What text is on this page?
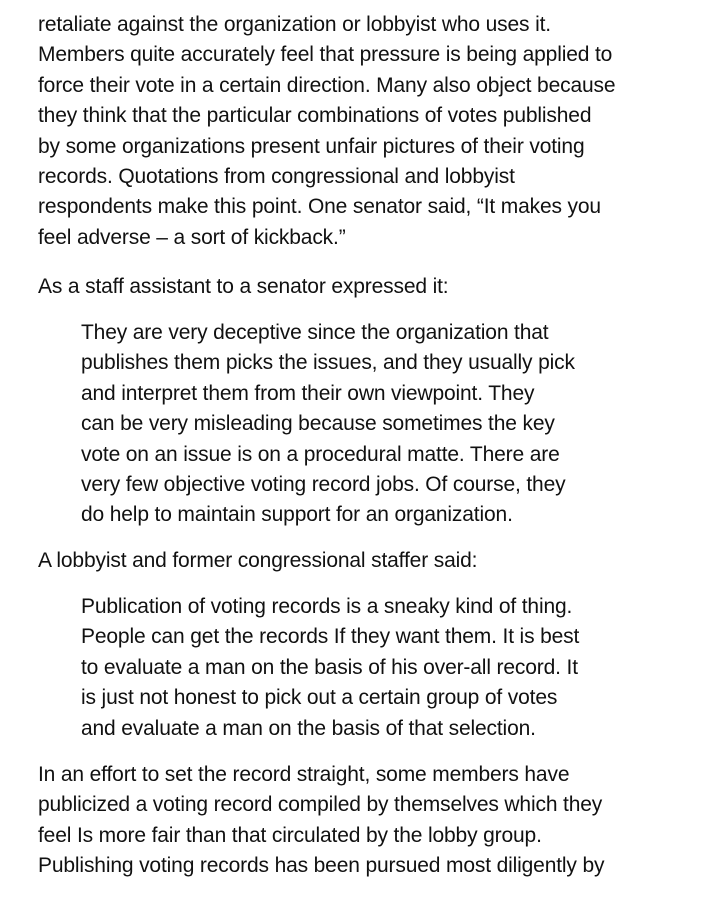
retaliate against the organization or lobbyist who uses it.
Members quite accurately feel that pressure is being applied to
force their vote in a certain direction. Many also object because
they think that the particular combinations of votes published
by some organizations present unfair pictures of their voting
records. Quotations from congressional and lobbyist
respondents make this point. One senator said, “It makes you
feel adverse – a sort of kickback.”

As a staff assistant to a senator expressed it:

They are very deceptive since the organization that
publishes them picks the issues, and they usually pick
and interpret them from their own viewpoint. They
can be very misleading because sometimes the key
vote on an issue is on a procedural matte. There are
very few objective voting record jobs. Of course, they
do help to maintain support for an organization.

A lobbyist and former congressional staffer said:

Publication of voting records is a sneaky kind of thing.
People can get the records If they want them. It is best
to evaluate a man on the basis of his over-all record. It
is just not honest to pick out a certain group of votes
and evaluate a man on the basis of that selection.

In an effort to set the record straight, some members have
publicized a voting record compiled by themselves which they
feel Is more fair than that circulated by the lobby group.
Publishing voting records has been pursued most diligently by
